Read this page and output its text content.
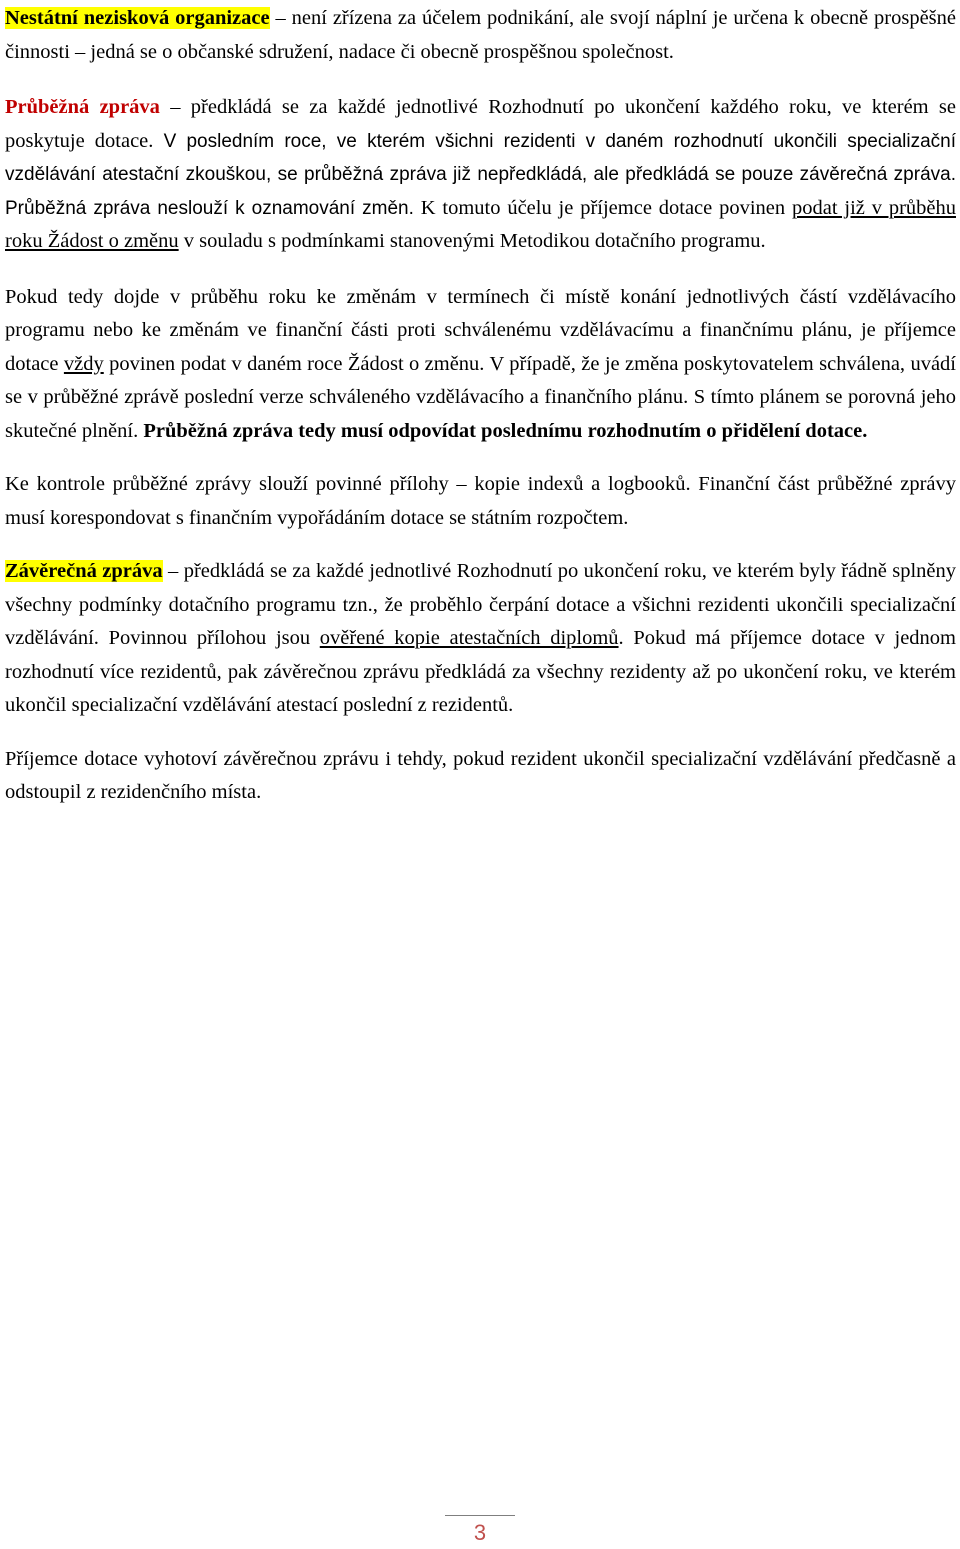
Nestátní nezisková organizace – není zřízena za účelem podnikání, ale svojí náplní je určena k obecně prospěšné činnosti – jedná se o občanské sdružení, nadace či obecně prospěšnou společnost.

Průběžná zpráva – předkládá se za každé jednotlivé Rozhodnutí po ukončení každého roku, ve kterém se poskytuje dotace. V posledním roce, ve kterém všichni rezidenti v daném rozhodnutí ukončili specializační vzdělávání atestační zkouškou, se průběžná zpráva již nepředkládá, ale předkládá se pouze závěrečná zpráva. Průběžná zpráva neslouží k oznamování změn. K tomuto účelu je příjemce dotace povinen podat již v průběhu roku Žádost o změnu v souladu s podmínkami stanovenými Metodikou dotačního programu.

Pokud tedy dojde v průběhu roku ke změnám v termínech či místě konání jednotlivých částí vzdělávacího programu nebo ke změnám ve finanční části proti schválenému vzdělávacímu a finančnímu plánu, je příjemce dotace vždy povinen podat v daném roce Žádost o změnu. V případě, že je změna poskytovatelem schválena, uvádí se v průběžné zprávě poslední verze schváleného vzdělávacího a finančního plánu. S tímto plánem se porovná jeho skutečné plnění. Průběžná zpráva tedy musí odpovídat poslednímu rozhodnutím o přidělení dotace.

Ke kontrole průběžné zprávy slouží povinné přílohy – kopie indexů a logbooků. Finanční část průběžné zprávy musí korespondovat s finančním vypořádáním dotace se státním rozpočtem.

Závěrečná zpráva – předkládá se za každé jednotlivé Rozhodnutí po ukončení roku, ve kterém byly řádně splněny všechny podmínky dotačního programu tzn., že proběhlo čerpání dotace a všichni rezidenti ukončili specializační vzdělávání. Povinnou přílohou jsou ověřené kopie atestačních diplomů. Pokud má příjemce dotace v jednom rozhodnutí více rezidentů, pak závěrečnou zprávu předkládá za všechny rezidenty až po ukončení roku, ve kterém ukončil specializační vzdělávání atestací poslední z rezidentů.

Příjemce dotace vyhotoví závěrečnou zprávu i tehdy, pokud rezident ukončil specializační vzdělávání předčasně a odstoupil z rezidenčního místa.

3
